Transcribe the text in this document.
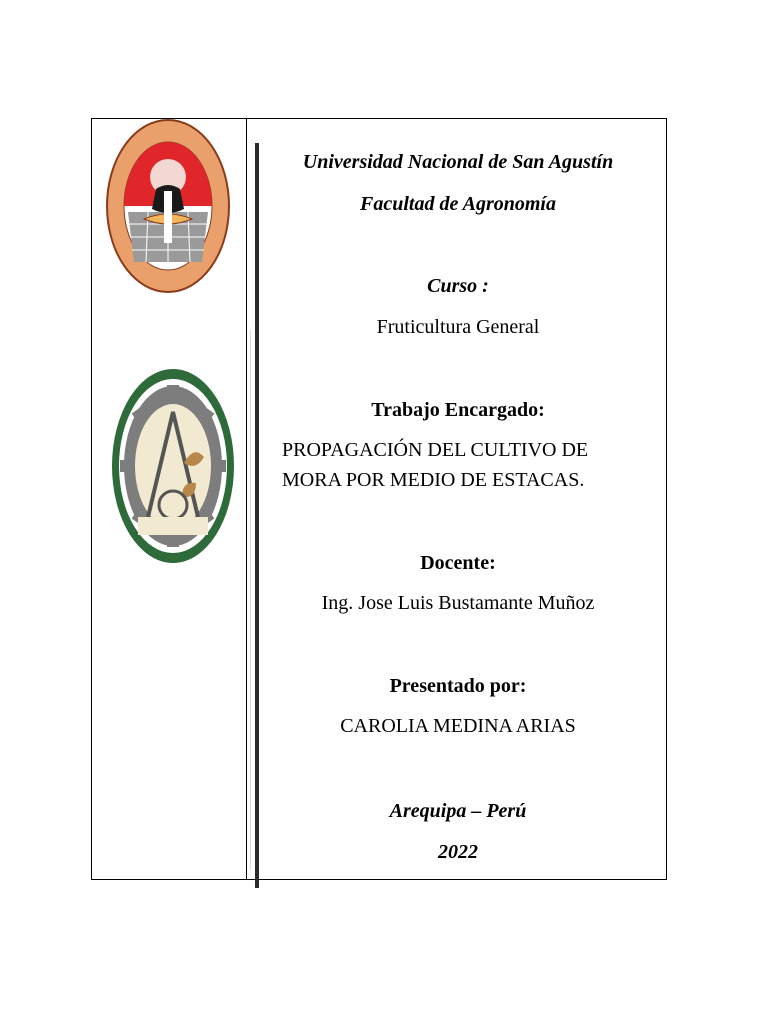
Universidad Nacional de San Agustín
Facultad de Agronomía
Curso :
Fruticultura General
Trabajo Encargado:
PROPAGACIÓN DEL CULTIVO DE
MORA POR MEDIO DE ESTACAS.
Docente:
Ing. Jose Luis Bustamante Muñoz
Presentado por:
CAROLIA MEDINA ARIAS
Arequipa – Perú
2022
